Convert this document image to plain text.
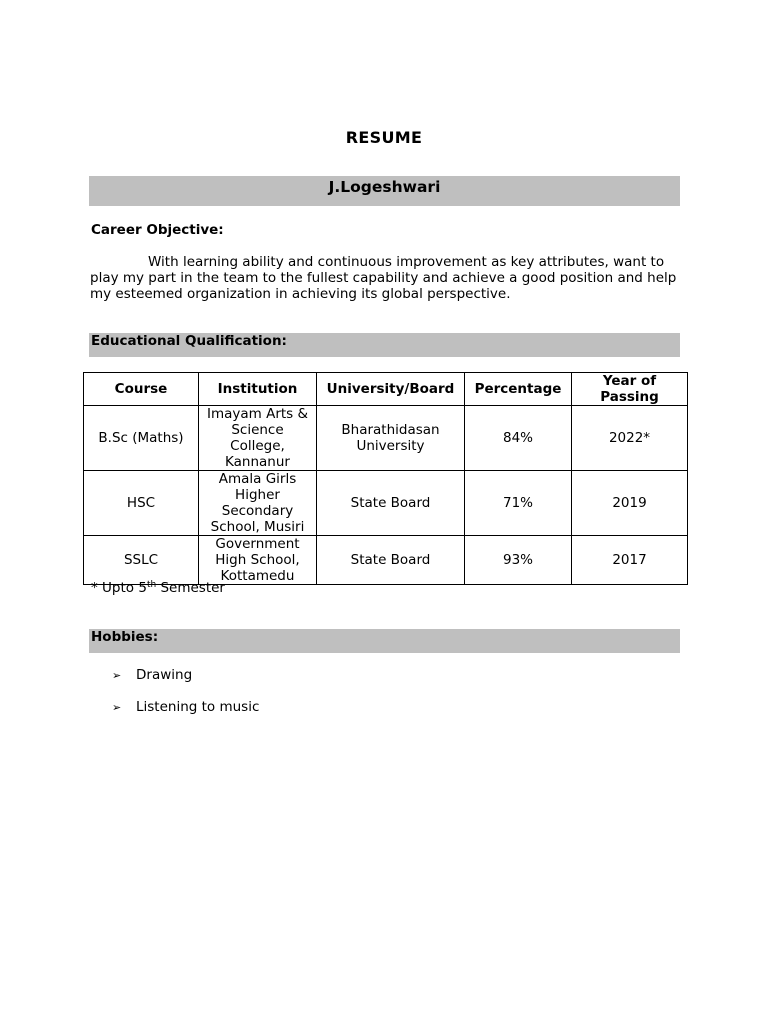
RESUME
J.Logeshwari
Career Objective:
With learning ability and continuous improvement as key attributes, want to play my part in the team to the fullest capability and achieve a good position and help my esteemed organization in achieving its global perspective.
Educational Qualification:
Course	Institution	University/Board	Percentage	Year of Passing
B.Sc (Maths)	Imayam Arts & Science College, Kannanur	Bharathidasan University	84%	2022*
HSC	Amala Girls Higher Secondary School, Musiri	State Board	71%	2019
SSLC	Government High School, Kottamedu	State Board	93%	2017
* Upto 5th Semester
Hobbies:
➢ Drawing
➢ Listening to music
